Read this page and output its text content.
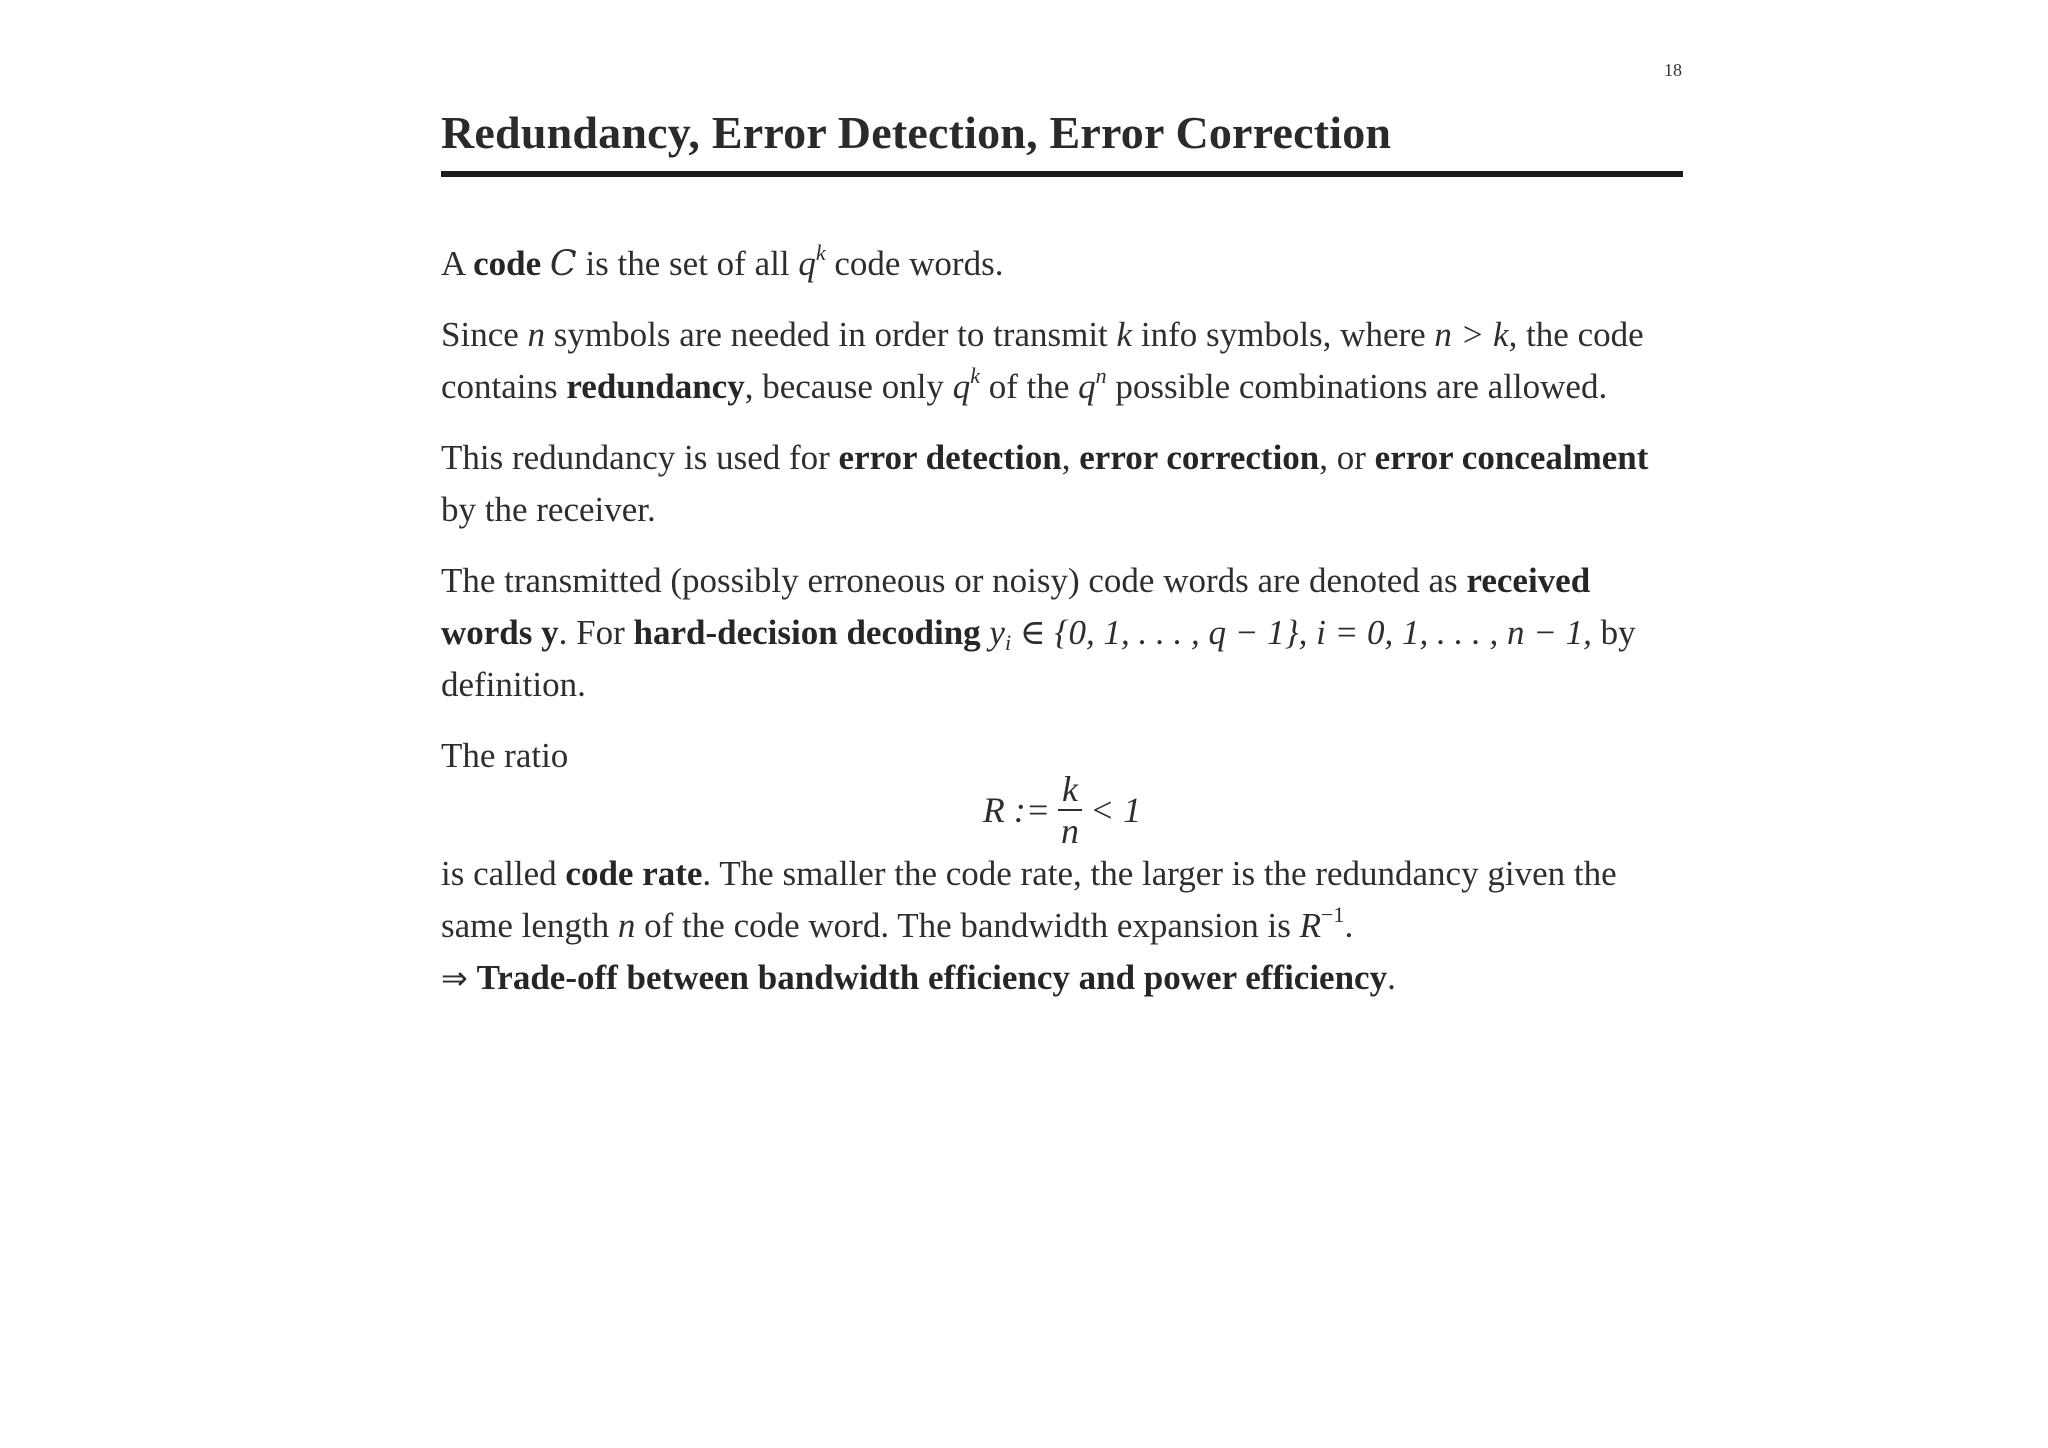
18
Redundancy, Error Detection, Error Correction

A code C is the set of all $q^k$ code words.

Since n symbols are needed in order to transmit k info symbols, where n > k, the code contains redundancy, because only $q^k$ of the $q^n$ possible combinations are allowed.

This redundancy is used for error detection, error correction, or error concealment by the receiver.

The transmitted (possibly erroneous or noisy) code words are denoted as received words y. For hard-decision decoding $y_i$ ∈ {0, 1, . . . , q − 1}, i = 0, 1, . . . , n − 1, by definition.

The ratio

R := $\frac{k}{n} < 1$

is called code rate. The smaller the code rate, the larger is the redundancy given the same length n of the code word. The bandwidth expansion is $R^{-1}$.

⇒ Trade-off between bandwidth efficiency and power efficiency.
